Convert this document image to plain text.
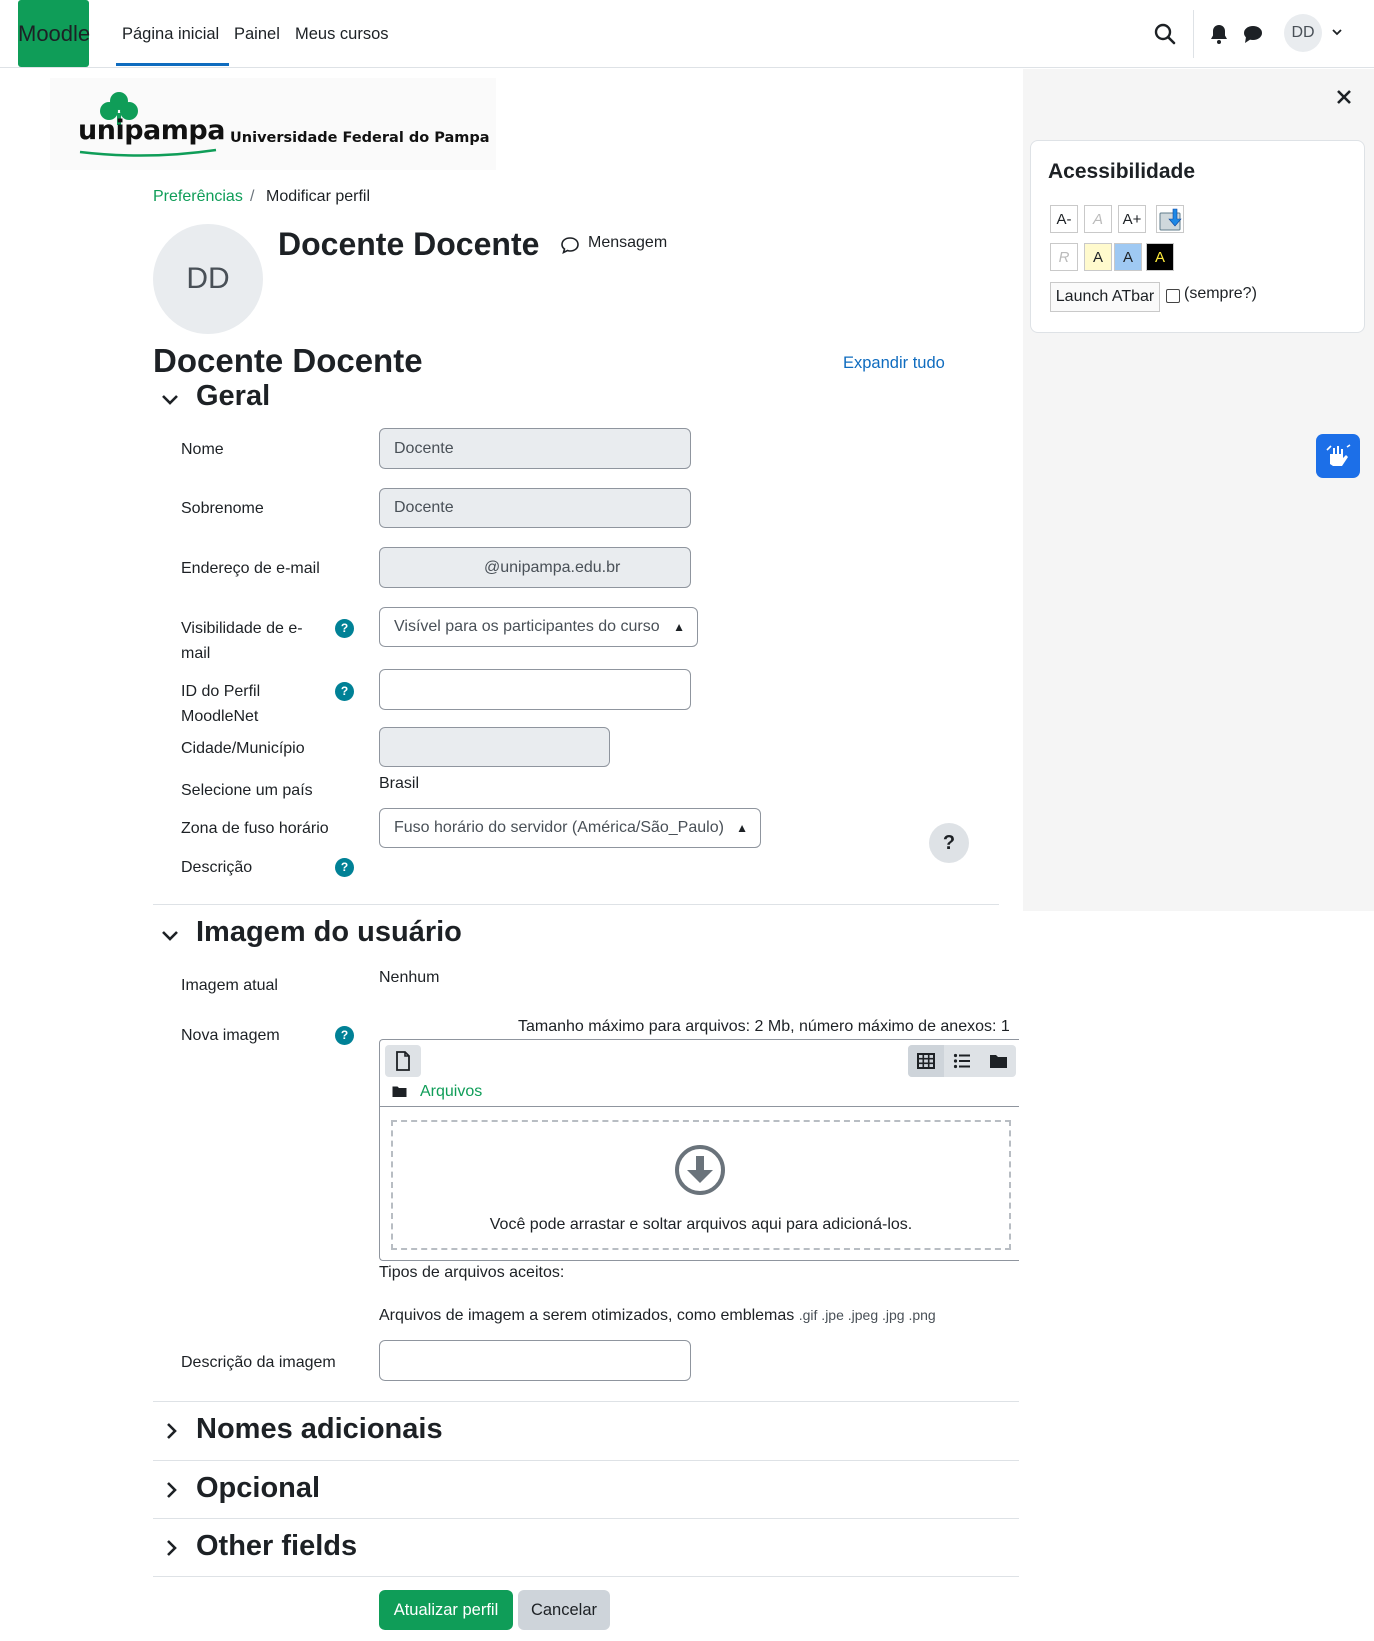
Moodle Página inicial Painel Meus cursos	DD
unipampa Universidade Federal do Pampa
Preferências / Modificar perfil
DD
Docente Docente	Mensagem
Docente Docente	Expandir tudo
Geral
Nome	Docente
Sobrenome	Docente
Endereço de e-mail	@unipampa.edu.br
Visibilidade de e-
mail
?	Visível para os participantes do curso ▲︎
ID do Perfil
MoodleNet
?
Cidade/Município
Selecione um país	Brasil
Zona de fuso horário	Fuso horário do servidor (América/São_Paulo) ▲︎
Descrição	?
?
Imagem do usuário
Imagem atual	Nenhum
Nova imagem	?	Tamanho máximo para arquivos: 2 Mb, número máximo de anexos: 1
Arquivos
Você pode arrastar e soltar arquivos aqui para adicioná-los.
Tipos de arquivos aceitos:
Arquivos de imagem a serem otimizados, como emblemas .gif .jpe .jpeg .jpg .png
Descrição da imagem
Nomes adicionais
Opcional
Other fields
Atualizar perfil	Cancelar
Acessibilidade
A-	A	A+
R	A	A	A
Launch ATbar	(sempre?)
